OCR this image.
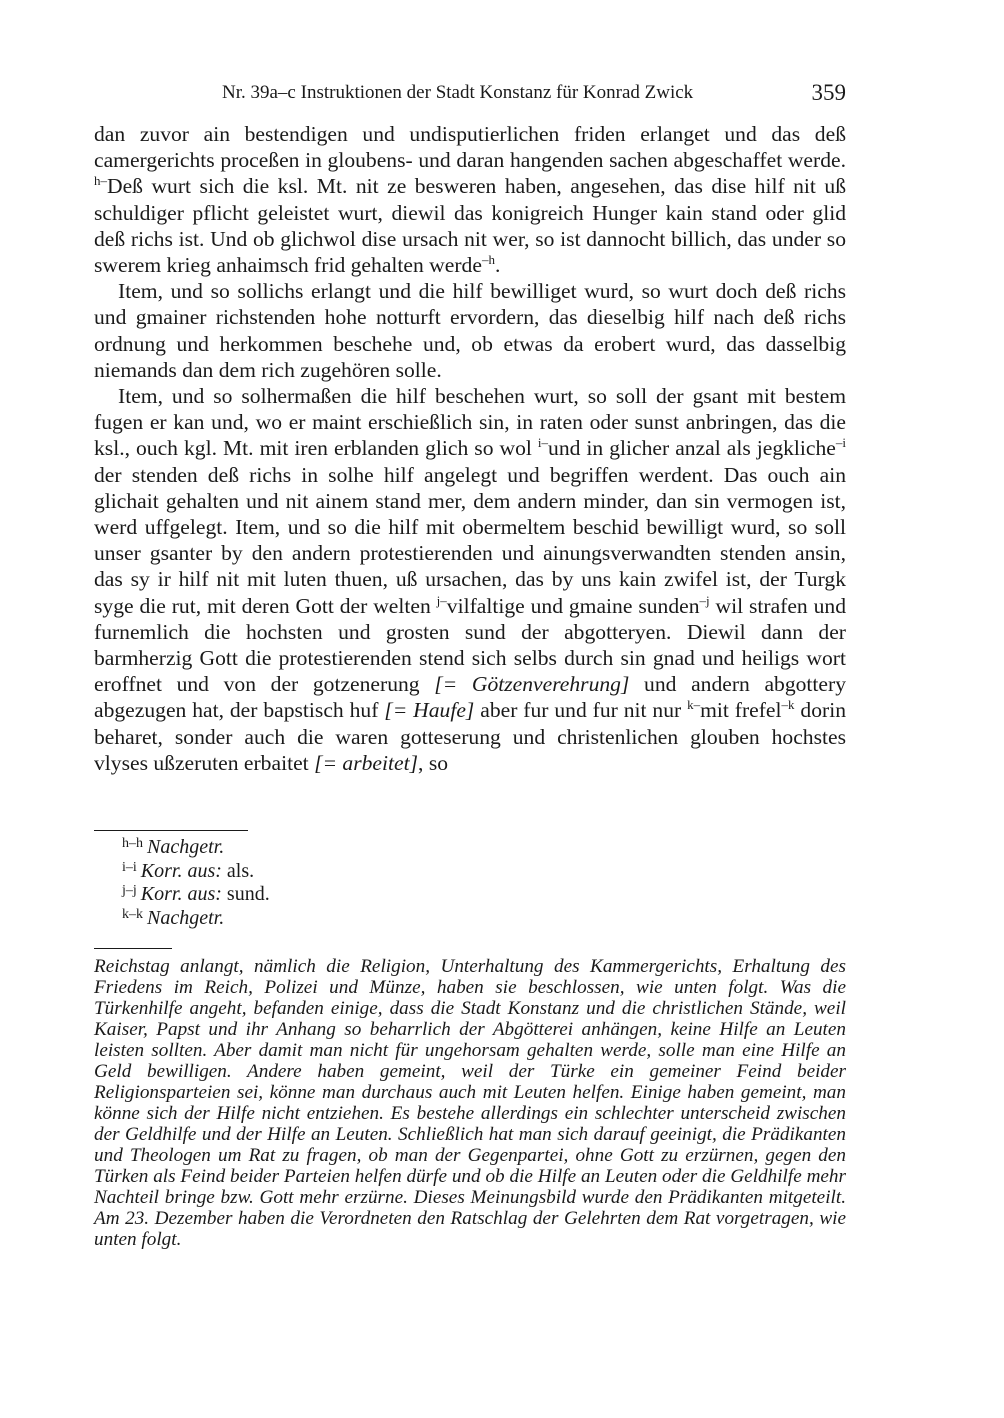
Nr. 39a–c Instruktionen der Stadt Konstanz für Konrad Zwick	359

dan zuvor ain bestendigen und undisputierlichen friden erlanget und das deß camergerichts proceßen in gloubens- und daran hangenden sachen abgeschaffet werde. $^{h-}$Deß wurt sich die ksl. Mt. nit ze besweren haben, angesehen, das dise hilf nit uß schuldiger pflicht geleistet wurt, diewil das konigreich Hunger kain stand oder glid deß richs ist. Und ob glichwol dise ursach nit wer, so ist dannocht billich, das under so swerem krieg anhaimsch frid gehalten werde$^{-h}$.

Item, und so sollichs erlangt und die hilf bewilliget wurd, so wurt doch deß richs und gmainer richstenden hohe notturft ervordern, das dieselbig hilf nach deß richs ordnung und herkommen beschehe und, ob etwas da erobert wurd, das dasselbig niemands dan dem rich zugehören solle.

Item, und so solhermaßen die hilf beschehen wurt, so soll der gsant mit bestem fugen er kan und, wo er maint erschießlich sin, in raten oder sunst anbringen, das die ksl., ouch kgl. Mt. mit iren erblanden glich so wol $^{i-}$und in glicher anzal als jegkliche$^{-i}$ der stenden deß richs in solhe hilf angelegt und begriffen werdent. Das ouch ain glichait gehalten und nit ainem stand mer, dem andern minder, dan sin vermogen ist, werd uffgelegt. Item, und so die hilf mit obermeltem beschid bewilligt wurd, so soll unser gsanter by den andern protestierenden und ainungsverwandten stenden ansin, das sy ir hilf nit mit luten thuen, uß ursachen, das by uns kain zwifel ist, der Turgk syge die rut, mit deren Gott der welten $^{j-}$vilfaltige und gmaine sunden$^{-j}$ wil strafen und furnemlich die hochsten und grosten sund der abgotteryen. Diewil dann der barmherzig Gott die protestierenden stend sich selbs durch sin gnad und heiligs wort eroffnet und von der gotzenerung [= Götzenverehrung] und andern abgottery abgezugen hat, der bapstisch huf [= Haufe] aber fur und fur nit nur $^{k-}$mit frefel$^{-k}$ dorin beharet, sonder auch die waren gotteserung und christenlichen glouben hochstes vlyses ußzeruten erbaitet [= arbeitet], so

$^{h-h}$ Nachgetr.
$^{i-i}$ Korr. aus: als.
$^{j-j}$ Korr. aus: sund.
$^{k-k}$ Nachgetr.
Reichstag anlangt, nämlich die Religion, Unterhaltung des Kammergerichts, Erhaltung des Friedens im Reich, Polizei und Münze, haben sie beschlossen, wie unten folgt. Was die Türkenhilfe angeht, befanden einige, dass die Stadt Konstanz und die christlichen Stände, weil Kaiser, Papst und ihr Anhang so beharrlich der Abgötterei anhängen, keine Hilfe an Leuten leisten sollten. Aber damit man nicht für ungehorsam gehalten werde, solle man eine Hilfe an Geld bewilligen. Andere haben gemeint, weil der Türke ein gemeiner Feind beider Religionsparteien sei, könne man durchaus auch mit Leuten helfen. Einige haben gemeint, man könne sich der Hilfe nicht entziehen. Es bestehe allerdings ein schlechter unterscheid zwischen der Geldhilfe und der Hilfe an Leuten. Schließlich hat man sich darauf geeinigt, die Prädikanten und Theologen um Rat zu fragen, ob man der Gegenpartei, ohne Gott zu erzürnen, gegen den Türken als Feind beider Parteien helfen dürfe und ob die Hilfe an Leuten oder die Geldhilfe mehr Nachteil bringe bzw. Gott mehr erzürne. Dieses Meinungsbild wurde den Prädikanten mitgeteilt. Am 23. Dezember haben die Verordneten den Ratschlag der Gelehrten dem Rat vorgetragen, wie unten folgt.
